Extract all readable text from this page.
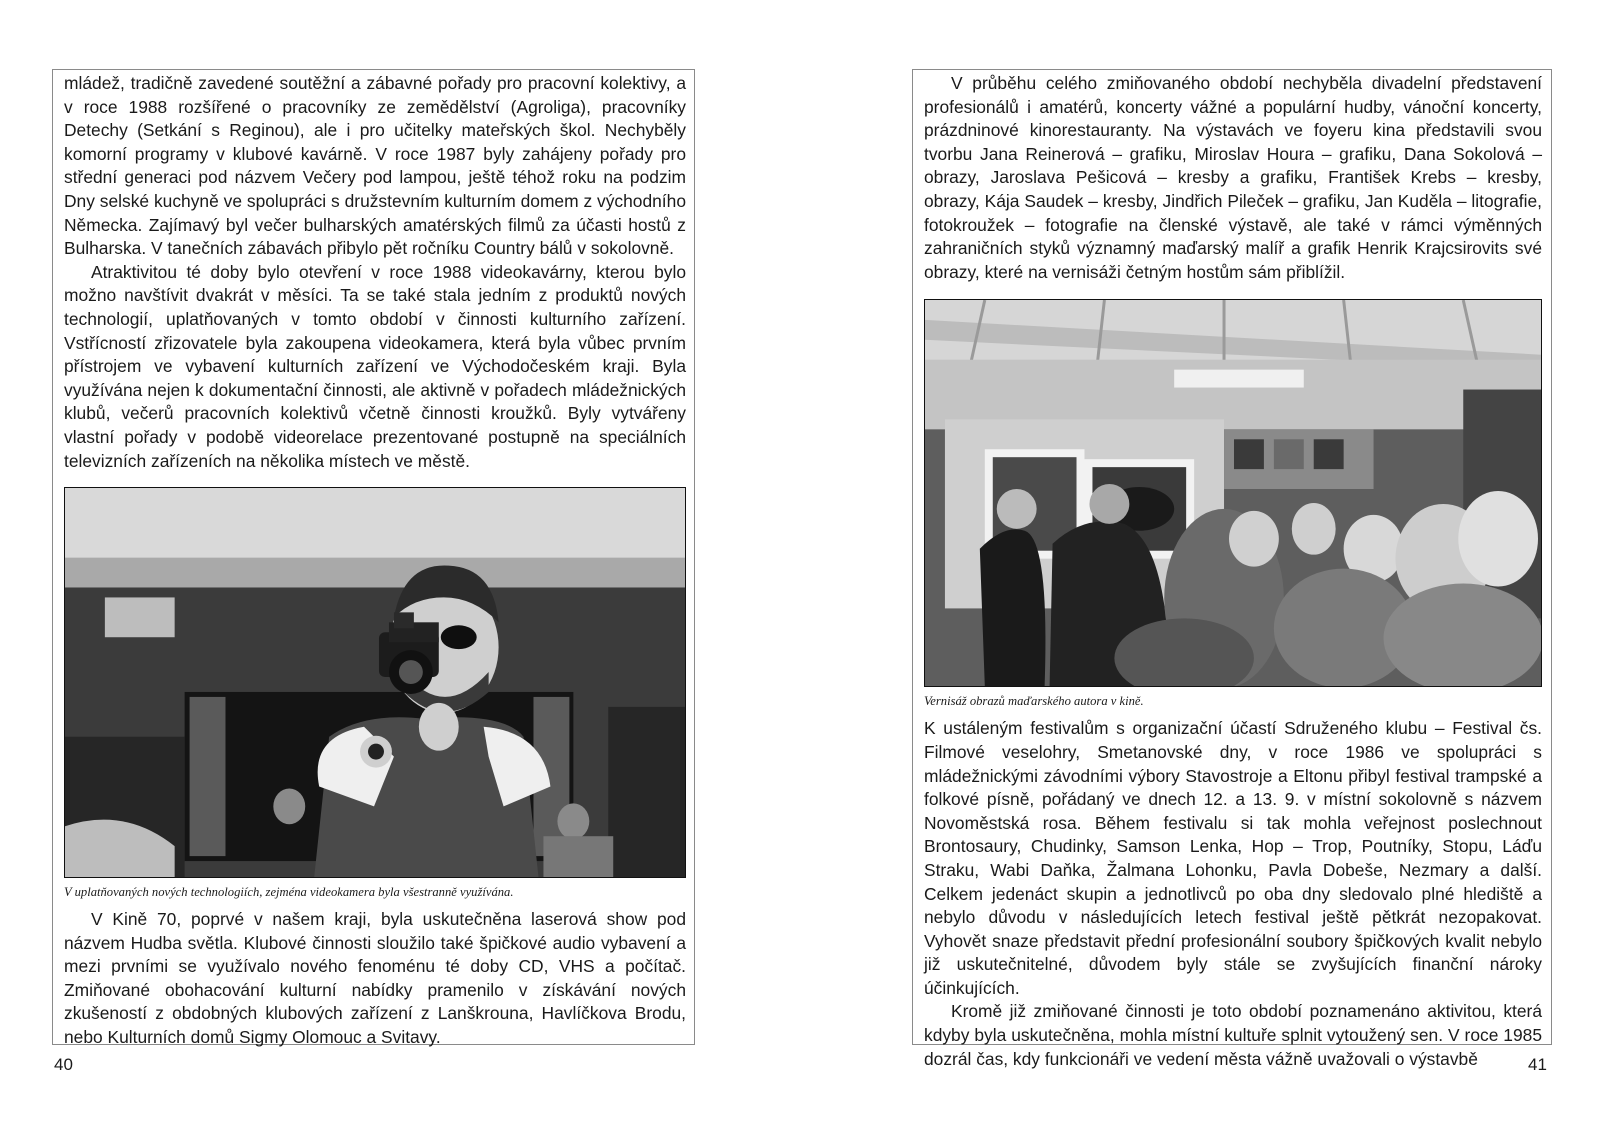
mládež, tradičně zavedené soutěžní a zábavné pořady pro pracovní kolektivy, a v roce 1988 rozšířené o pracovníky ze zemědělství (Agroliga), pracovníky Detechy (Setkání s Reginou), ale i pro učitelky mateřských škol. Nechyběly komorní programy v klubové kavárně. V roce 1987 byly zahájeny pořady pro střední generaci pod názvem Večery pod lampou, ještě téhož roku na podzim Dny selské kuchyně ve spolupráci s družstevním kulturním domem z východního Německa. Zajímavý byl večer bulharských amatérských filmů za účasti hostů z Bulharska. V tanečních zábavách přibylo pět ročníku Country bálů v sokolovně.

Atraktivitou té doby bylo otevření v roce 1988 videokavárny, kterou bylo možno navštívit dvakrát v měsíci. Ta se také stala jedním z produktů nových technologií, uplatňovaných v tomto období v činnosti kulturního zařízení. Vstřícností zřizovatele byla zakoupena videokamera, která byla vůbec prvním přístrojem ve vybavení kulturních zařízení ve Východočeském kraji. Byla využívána nejen k dokumentační činnosti, ale aktivně v pořadech mládežnických klubů, večerů pracovních kolektivů včetně činnosti kroužků. Byly vytvářeny vlastní pořady v podobě videorelace prezentované postupně na speciálních televizních zařízeních na několika místech ve městě.

V uplatňovaných nových technologiích, zejména videokamera byla všestranně využívána.

V Kině 70, poprvé v našem kraji, byla uskutečněna laserová show pod názvem Hudba světla. Klubové činnosti sloužilo také špičkové audio vybavení a mezi prvními se využívalo nového fenoménu té doby CD, VHS a počítač. Zmiňované obohacování kulturní nabídky pramenilo v získávání nových zkušeností z obdobných klubových zařízení z Lanškrouna, Havlíčkova Brodu, nebo Kulturních domů Sigmy Olomouc a Svitavy.

40

V průběhu celého zmiňovaného období nechyběla divadelní představení profesionálů i amatérů, koncerty vážné a populární hudby, vánoční koncerty, prázdninové kinorestauranty. Na výstavách ve foyeru kina představili svou tvorbu Jana Reinerová – grafiku, Miroslav Houra – grafiku, Dana Sokolová – obrazy, Jaroslava Pešicová – kresby a grafiku, František Krebs – kresby, obrazy, Kája Saudek – kresby, Jindřich Pileček – grafiku, Jan Kuděla – litografie, fotokroužek – fotografie na členské výstavě, ale také v rámci výměnných zahraničních styků významný maďarský malíř a grafik Henrik Krajcsirovits své obrazy, které na vernisáži četným hostům sám přiblížil.

Vernisáž obrazů maďarského autora v kině.

K ustáleným festivalům s organizační účastí Sdruženého klubu – Festival čs. Filmové veselohry, Smetanovské dny, v roce 1986 ve spolupráci s mládežnickými závodními výbory Stavostroje a Eltonu přibyl festival trampské a folkové písně, pořádaný ve dnech 12. a 13. 9. v místní sokolovně s názvem Novoměstská rosa. Během festivalu si tak mohla veřejnost poslechnout Brontosaury, Chudinky, Samson Lenka, Hop – Trop, Poutníky, Stopu, Láďu Straku, Wabi Daňka, Žalmana Lohonku, Pavla Dobeše, Nezmary a další. Celkem jedenáct skupin a jednotlivců po oba dny sledovalo plné hlediště a nebylo důvodu v následujících letech festival ještě pětkrát nezopakovat. Vyhovět snaze představit přední profesionální soubory špičkových kvalit nebylo již uskutečnitelné, důvodem byly stále se zvyšujících finanční nároky účinkujících.

Kromě již zmiňované činnosti je toto období poznamenáno aktivitou, která kdyby byla uskutečněna, mohla místní kultuře splnit vytoužený sen. V roce 1985 dozrál čas, kdy funkcionáři ve vedení města vážně uvažovali o výstavbě	41
